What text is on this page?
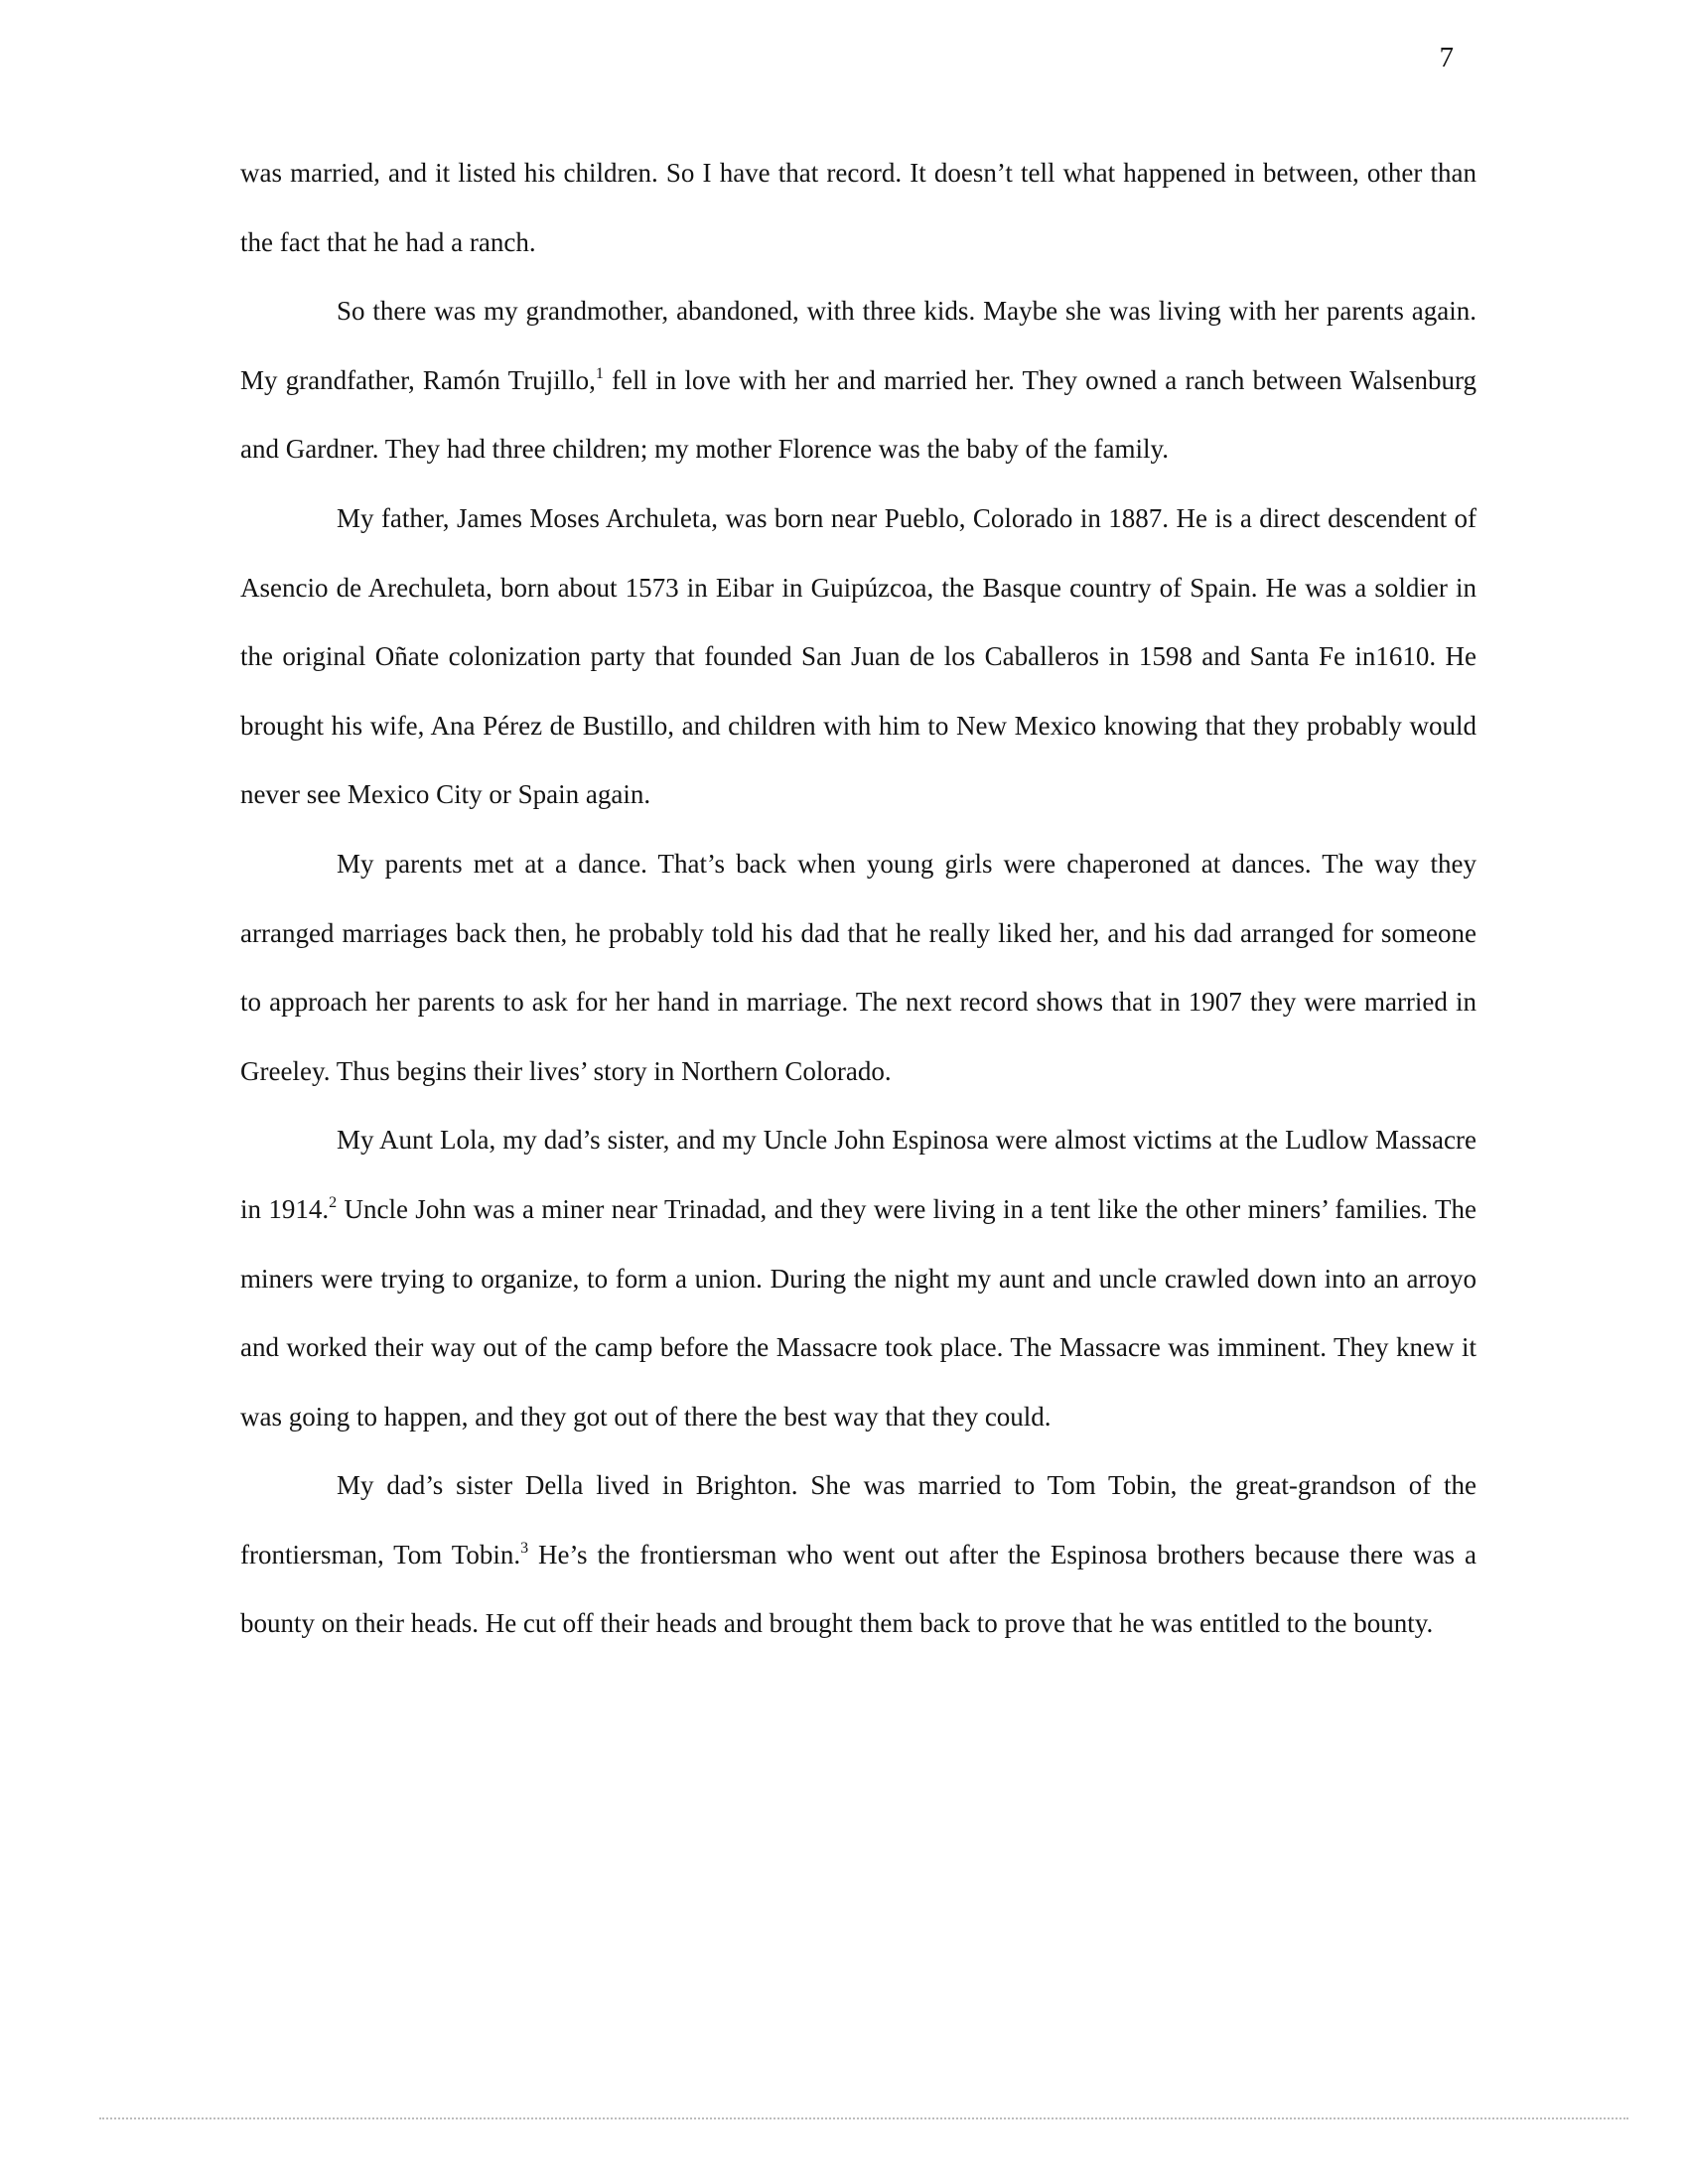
7

was married, and it listed his children. So I have that record. It doesn’t tell what happened in between, other than the fact that he had a ranch.

So there was my grandmother, abandoned, with three kids. Maybe she was living with her parents again. My grandfather, Ramón Trujillo,$^1$ fell in love with her and married her. They owned a ranch between Walsenburg and Gardner. They had three children; my mother Florence was the baby of the family.

My father, James Moses Archuleta, was born near Pueblo, Colorado in 1887. He is a direct descendent of Asencio de Arechuleta, born about 1573 in Eibar in Guipúzcoa, the Basque country of Spain. He was a soldier in the original Oñate colonization party that founded San Juan de los Caballeros in 1598 and Santa Fe in1610. He brought his wife, Ana Pérez de Bustillo, and children with him to New Mexico knowing that they probably would never see Mexico City or Spain again.

My parents met at a dance. That’s back when young girls were chaperoned at dances. The way they arranged marriages back then, he probably told his dad that he really liked her, and his dad arranged for someone to approach her parents to ask for her hand in marriage. The next record shows that in 1907 they were married in Greeley. Thus begins their lives’ story in Northern Colorado.

My Aunt Lola, my dad’s sister, and my Uncle John Espinosa were almost victims at the Ludlow Massacre in 1914.$^2$ Uncle John was a miner near Trinadad, and they were living in a tent like the other miners’ families. The miners were trying to organize, to form a union. During the night my aunt and uncle crawled down into an arroyo and worked their way out of the camp before the Massacre took place. The Massacre was imminent. They knew it was going to happen, and they got out of there the best way that they could.

My dad’s sister Della lived in Brighton. She was married to Tom Tobin, the great-grandson of the frontiersman, Tom Tobin.$^3$ He’s the frontiersman who went out after the Espinosa brothers because there was a bounty on their heads. He cut off their heads and brought them back to prove that he was entitled to the bounty.
